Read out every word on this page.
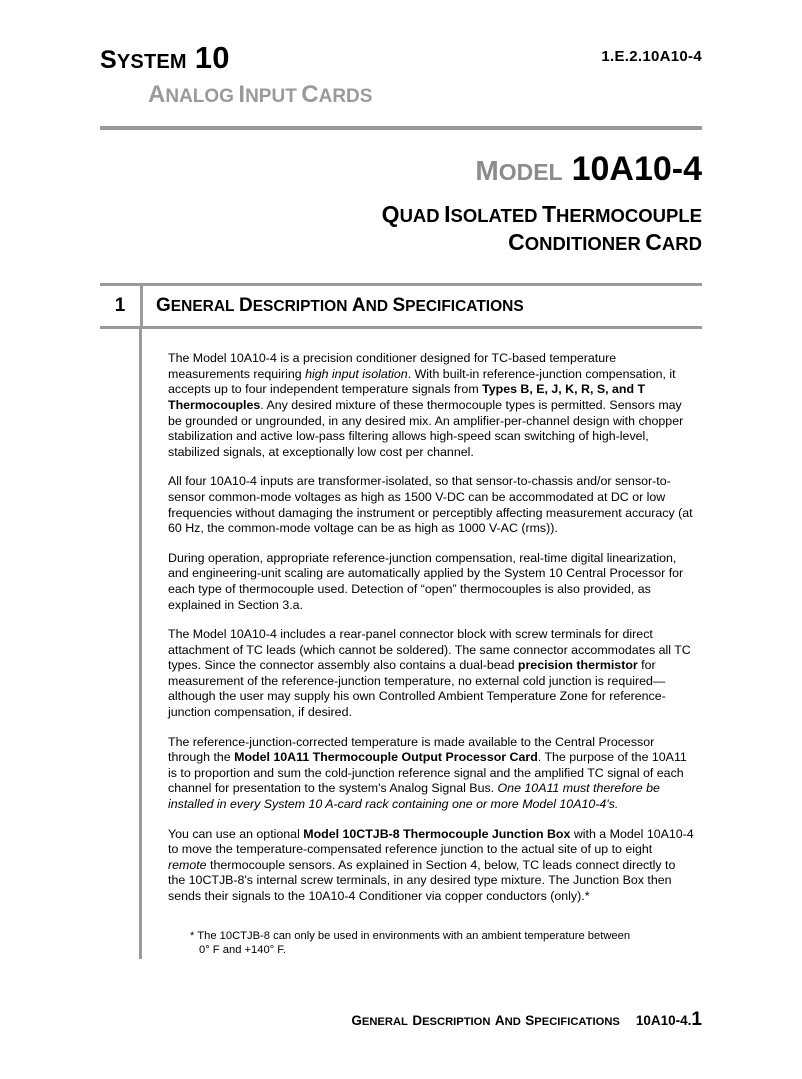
SYSTEM 10	1.E.2.10A10-4
ANALOG INPUT CARDS
MODEL 10A10-4
QUAD ISOLATED THERMOCOUPLE
CONDITIONER CARD
1	GENERAL DESCRIPTION AND SPECIFICATIONS

The Model 10A10-4 is a precision conditioner designed for TC-based temperature measurements requiring high input isolation. With built-in reference-junction compensation, it accepts up to four independent temperature signals from Types B, E, J, K, R, S, and T Thermocouples. Any desired mixture of these thermocouple types is permitted. Sensors may be grounded or ungrounded, in any desired mix. An amplifier-per-channel design with chopper stabilization and active low-pass filtering allows high-speed scan switching of high-level, stabilized signals, at exceptionally low cost per channel.

All four 10A10-4 inputs are transformer-isolated, so that sensor-to-chassis and/or sensor-to-sensor common-mode voltages as high as 1500 V-DC can be accommodated at DC or low frequencies without damaging the instrument or perceptibly affecting measurement accuracy (at 60 Hz, the common-mode voltage can be as high as 1000 V-AC (rms)).

During operation, appropriate reference-junction compensation, real-time digital linearization, and engineering-unit scaling are automatically applied by the System 10 Central Processor for each type of thermocouple used. Detection of “open” thermocouples is also provided, as explained in Section 3.a.

The Model 10A10-4 includes a rear-panel connector block with screw terminals for direct attachment of TC leads (which cannot be soldered). The same connector accommodates all TC types. Since the connector assembly also contains a dual-bead precision thermistor for measurement of the reference-junction temperature, no external cold junction is required—although the user may supply his own Controlled Ambient Temperature Zone for reference-junction compensation, if desired.

The reference-junction-corrected temperature is made available to the Central Processor through the Model 10A11 Thermocouple Output Processor Card. The purpose of the 10A11 is to proportion and sum the cold-junction reference signal and the amplified TC signal of each channel for presentation to the system's Analog Signal Bus. One 10A11 must therefore be installed in every System 10 A-card rack containing one or more Model 10A10-4's.

You can use an optional Model 10CTJB-8 Thermocouple Junction Box with a Model 10A10-4 to move the temperature-compensated reference junction to the actual site of up to eight remote thermocouple sensors. As explained in Section 4, below, TC leads connect directly to the 10CTJB-8's internal screw terminals, in any desired type mixture. The Junction Box then sends their signals to the 10A10-4 Conditioner via copper conductors (only).*

* The 10CTJB-8 can only be used in environments with an ambient temperature between 0° F and +140° F.
GENERAL DESCRIPTION AND SPECIFICATIONS 10A10-4.1
